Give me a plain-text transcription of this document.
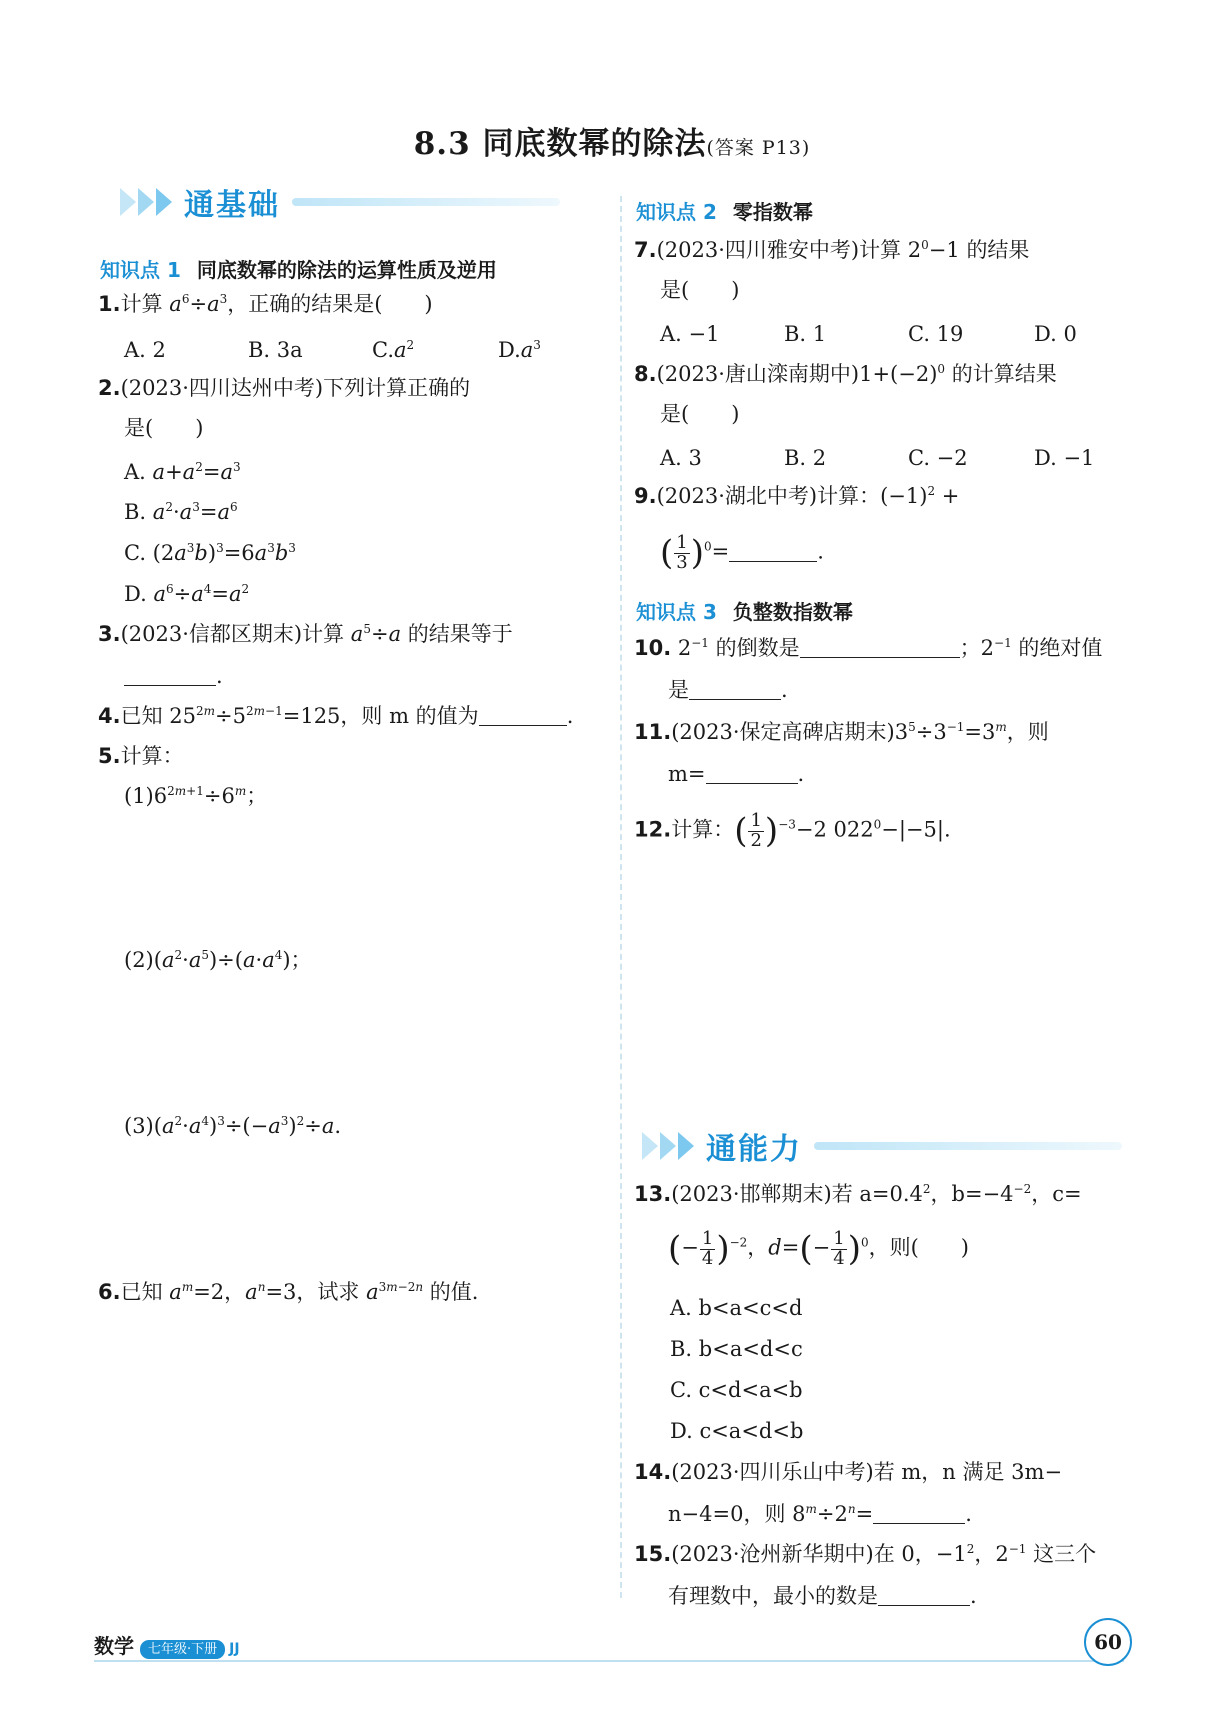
8.3 同底数幂的除法(答案 P13)
通基础
知识点 1 同底数幂的除法的运算性质及逆用
1.计算 $a^6\div a^3$，正确的结果是(　　)
A. 2	B. 3a	$C.a^2$	$D.a^3$
2.(2023·四川达州中考)下列计算正确的
是(　　)
A. $a+a^2=a^3$
B. $a^2\cdot a^3=a^6$
C. $(2a^3b)^3=6a^3b^3$
D. $a^6\div a^4=a^2$
3.(2023·信都区期末)计算 $a^5\div a$ 的结果等于
.
4.已知 $25^{2m}\div 5^{2m-1}=125$，则 m 的值为	.
5.计算：
$(1)6^{2m+1}\div 6^m$；
$(2)(a^2\cdot a^5)\div(a\cdot a^4)$；
$(3)(a^2\cdot a^4)^3\div(-a^3)^2\div a$.
6.已知 $a^m=2$，$a^n=3$，试求 $a^{3m-2n}$ 的值.
知识点 2 零指数幂
7.(2023·四川雅安中考)计算 $2^0-1$ 的结果
是(　　)
A. −1	B. 1	C. 19	D. 0
8.(2023·唐山滦南期中)$1+(-2)^0$ 的计算结果
是(　　)
A. 3	B. 2	C. −2	D. −1
9.(2023·湖北中考)计算：$(-1)^2$ +
( $\frac{1}{3} )^0=$	.
知识点 3 负整数指数幂
10. $2^{-1}$ 的倒数是	；$2^{-1}$ 的绝对值
是	.
11.(2023·保定高碑店期末)$3^5\div 3^{-1}=3^m$，则
m=	.
12.计算：( $\frac{1}{2} )^{-3}-2$ $022^0-|-5|$.
通能力
13.(2023·邯郸期末)若 $a=0.4^2$，$b=-4^{-2}$，c=
(− $\frac{1}{4} )^{-2}$，$d=(- \frac{1}{4} )^0$，则(　　)
A. b<a<c<d
B. b<a<d<c
C. c<d<a<b
D. c<a<d<b
14.(2023·四川乐山中考)若 m，n 满足 3m−
n−4=0，则 $8^m\div 2^n=$	.
15.(2023·沧州新华期中)在 0，$-1^2$，$2^{-1}$ 这三个
有理数中，最小的数是	.
数学 七年级·下册 JJ	60
